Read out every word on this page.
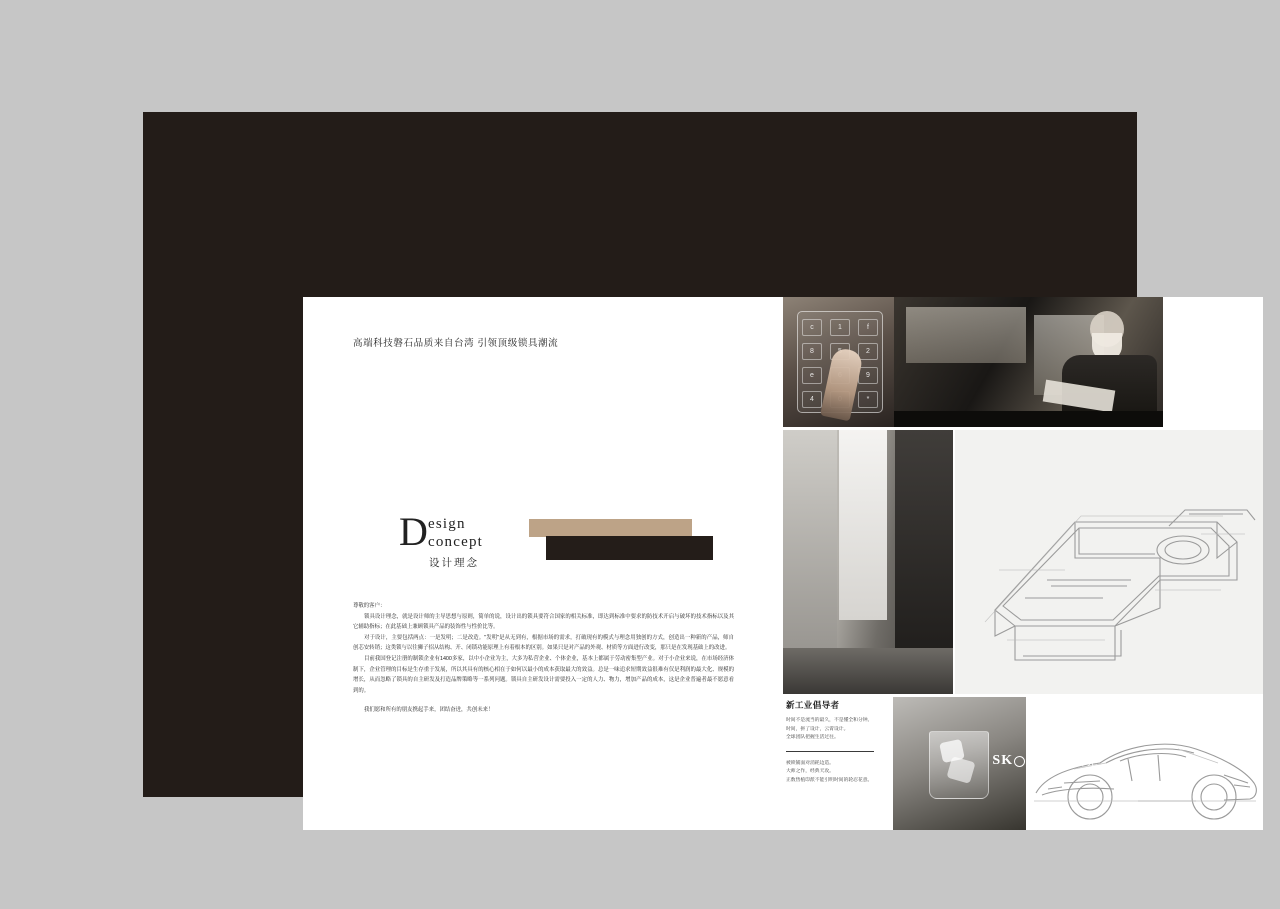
高端科技磐石品质来自台湾 引领顶级锁具潮流
D esign
concept
设计理念

尊敬的客户：

锁具设计理念，就是设计师的主导思想与原则，简单的说，设计出的锁具要符合国家的相关标准，即达到标准中要求的防技术开启与破坏的技术指标以及其它辅助指标；在此基础上兼顾锁具产品的装饰性与性价比等。

对于设计，主要包括两点：一是发明；二是改造。"发明"是从无到有，根据市场的需求，打破现有的模式与理念用独创的方式，创造出一种新的产品，师自创芯安转销；这类锁与以往狮子招从结构、开、闭锁功能原理上有着根本的区别。如果只是对产品的外观、材质等方面进行改变，那只是在发现基础上的改进。

目前我国登记注册的制锁企业有1400多家，以中小企业为主，大多为私营企业、个体企业，基本上都属于劳动密集型产业。对于小企业来说，在市场经济体制下，企业管理的目标是生存重于发展，所以其具有的核心相在于如何以最小的成本获取最大的效益。总是一味追求短期效益很难有仅是利润的最大化、规模的增长，从而忽略了锁具的自主研发及打造品牌策略等一系列问题。锁具自主研发设计需要投入一定的人力、物力，增加产品的成本，这是企业普遍者最不愿意看到的。

我们愿和所有的朋友携起手来，团结奋迸，共创未来！

c	1	f
8	2
e	9
4	*
新工业倡导者
时间不是流当的最久，不是懂全和分钟。
时间，拼了设计，云霄设计。
全球团队把握生活过往。
被锁铺面对消耗边造。
大师之作，经典天攻。
正数售植印派不能引明时间的轮忍花意。
SK K	筛垮洛克
